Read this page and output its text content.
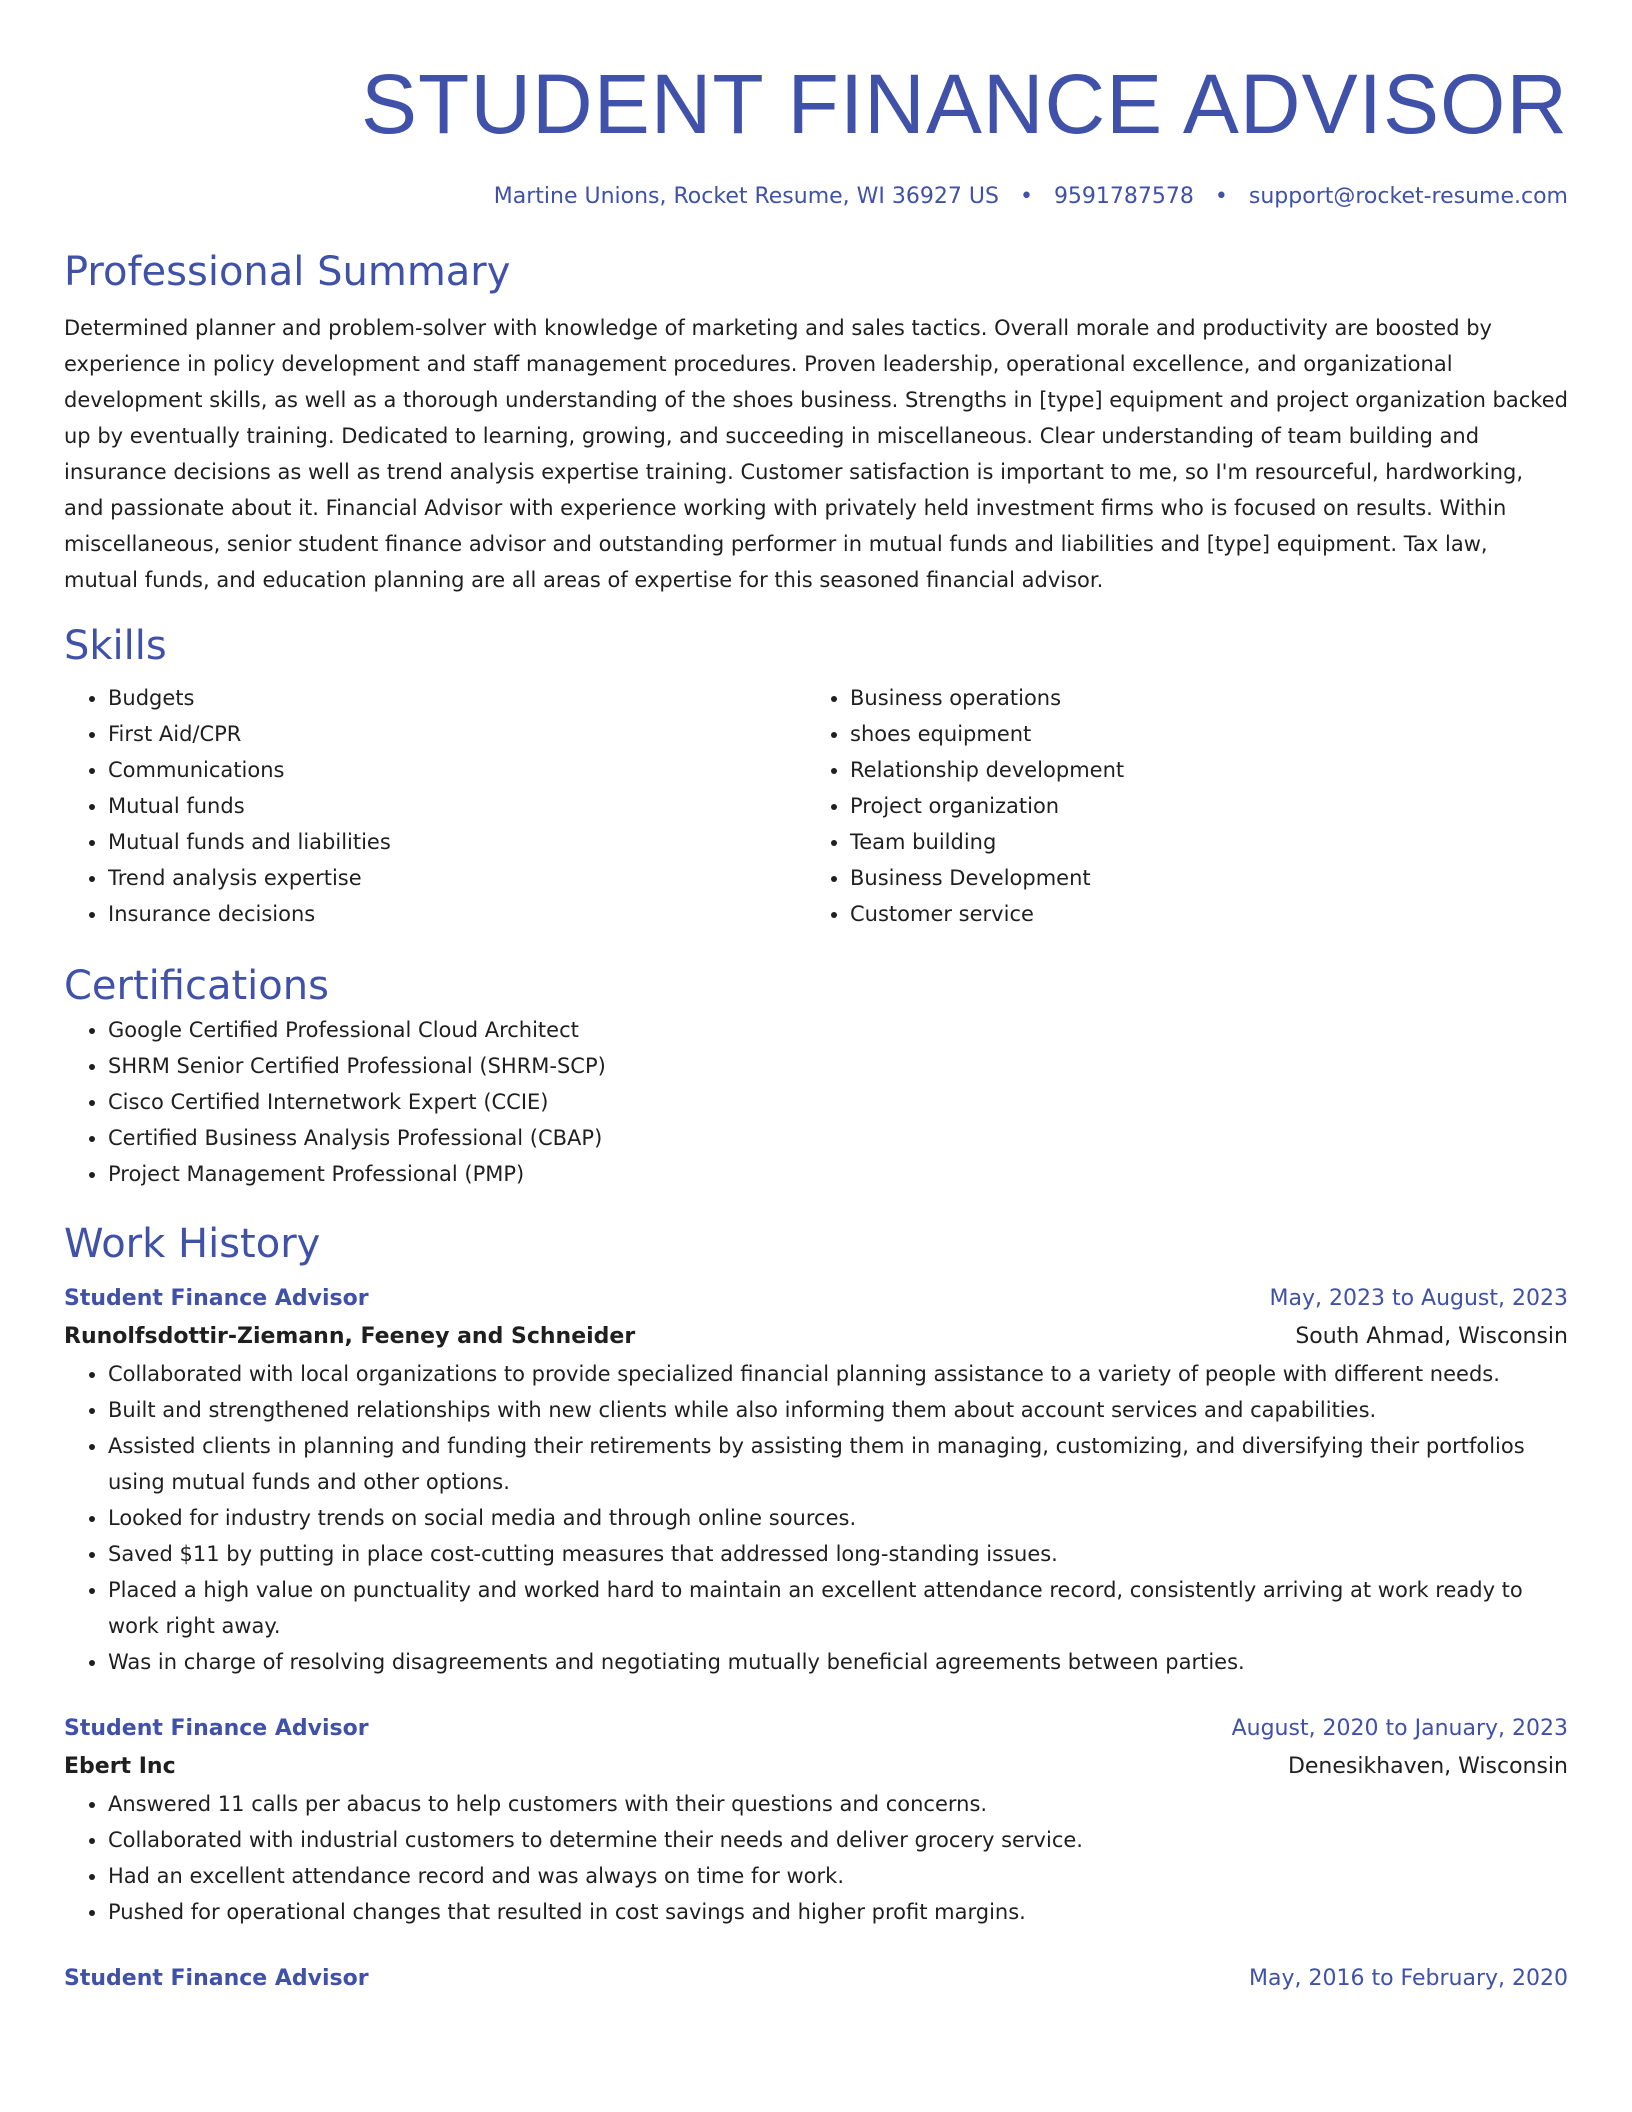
STUDENT FINANCE ADVISOR
Martine Unions, Rocket Resume, WI 36927 US • 9591787578 • support@rocket-resume.com
Professional Summary

Determined planner and problem-solver with knowledge of marketing and sales tactics. Overall morale and productivity are boosted by experience in policy development and staff management procedures. Proven leadership, operational excellence, and organizational development skills, as well as a thorough understanding of the shoes business. Strengths in [type] equipment and project organization backed up by eventually training. Dedicated to learning, growing, and succeeding in miscellaneous. Clear understanding of team building and insurance decisions as well as trend analysis expertise training. Customer satisfaction is important to me, so I'm resourceful, hardworking, and passionate about it. Financial Advisor with experience working with privately held investment firms who is focused on results. Within miscellaneous, senior student finance advisor and outstanding performer in mutual funds and liabilities and [type] equipment. Tax law, mutual funds, and education planning are all areas of expertise for this seasoned financial advisor.

Skills
• Budgets
• First Aid/CPR
• Communications
• Mutual funds
• Mutual funds and liabilities
• Trend analysis expertise
• Insurance decisions
• Business operations
• shoes equipment
• Relationship development
• Project organization
• Team building
• Business Development
• Customer service
Certifications
• Google Certified Professional Cloud Architect
• SHRM Senior Certified Professional (SHRM-SCP)
• Cisco Certified Internetwork Expert (CCIE)
• Certified Business Analysis Professional (CBAP)
• Project Management Professional (PMP)
Work History
Student Finance Advisor	May, 2023 to August, 2023
Runolfsdottir-Ziemann, Feeney and Schneider	South Ahmad, Wisconsin
• Collaborated with local organizations to provide specialized financial planning assistance to a variety of people with different needs.
• Built and strengthened relationships with new clients while also informing them about account services and capabilities.
• Assisted clients in planning and funding their retirements by assisting them in managing, customizing, and diversifying their portfolios using mutual funds and other options.
• Looked for industry trends on social media and through online sources.
• Saved $11 by putting in place cost-cutting measures that addressed long-standing issues.
• Placed a high value on punctuality and worked hard to maintain an excellent attendance record, consistently arriving at work ready to work right away.
• Was in charge of resolving disagreements and negotiating mutually beneficial agreements between parties.
Student Finance Advisor	August, 2020 to January, 2023
Ebert Inc	Denesikhaven, Wisconsin
• Answered 11 calls per abacus to help customers with their questions and concerns.
• Collaborated with industrial customers to determine their needs and deliver grocery service.
• Had an excellent attendance record and was always on time for work.
• Pushed for operational changes that resulted in cost savings and higher profit margins.
Student Finance Advisor	May, 2016 to February, 2020
